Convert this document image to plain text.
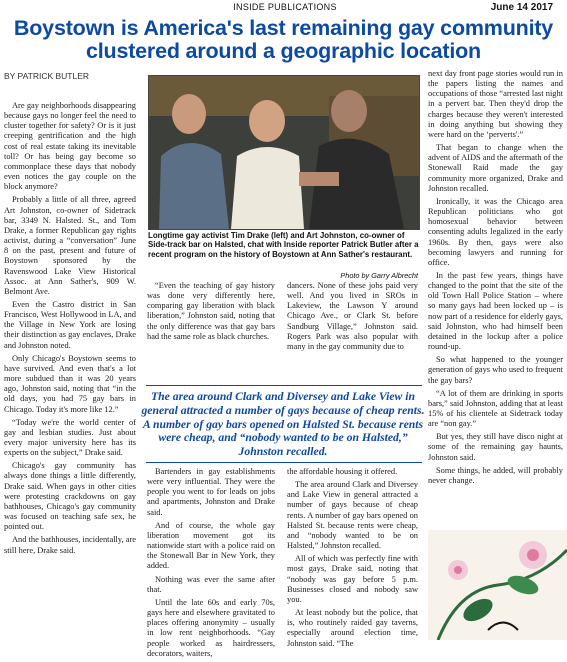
INSIDE PUBLICATIONS	June 14 2017
Boystown is America's last remaining gay community clustered around a geographic location
BY PATRICK BUTLER

Are gay neighborhoods disappearing because gays no longer feel the need to cluster together for safety? Or is it just creeping gentrification and the high cost of real estate taking its inevitable toll? Or has being gay become so commonplace these days that nobody even notices the gay couple on the block anymore?

Probably a little of all three, agreed Art Johnston, co-owner of Sidetrack bar, 3349 N. Halsted. St., and Tom Drake, a former Republican gay rights activist, during a “conversation” June 8 on the past, present and future of Boystown sponsored by the Ravenswood Lake View Historical Assoc. at Ann Sather's, 909 W. Belmont Ave.

Even the Castro district in San Francisco, West Hollywood in LA, and the Village in New York are losing their distinction as gay enclaves, Drake and Johnston noted.

Only Chicago's Boystown seems to have survived. And even that's a lot more subdued than it was 20 years ago, Johnston said, noting that “in the old days, you had 75 gay bars in Chicago. Today it's more like 12.”

“Today we're the world center of gay and lesbian studies. Just about every major university here has its experts on the subject,” Drake said.

Chicago's gay community has always done things a little differently, Drake said. When gays in other cities were protesting crackdowns on gay bathhouses, Chicago's gay community was focused on teaching safe sex, he pointed out.

And the bathhouses, incidentally, are still here, Drake said.

Longtime gay activist Tim Drake (left) and Art Johnston, co-owner of Side-track bar on Halsted, chat with Inside reporter Patrick Butler after a recent program on the history of Boystown at Ann Sather's restaurant.
Photo by Garry Albrecht

“Even the teaching of gay history was done very differently here, comparing gay liberation with black liberation,” Johnston said, noting that the only difference was that gay bars had the same role as black churches.

dancers. None of these jobs paid very well. And you lived in SROs in Lakeview, the Lawson Y around Chicago Ave., or Clark St. before Sandburg Village,” Johnston said. Rogers Park was also popular with many in the gay community due to

The area around Clark and Diversey and Lake View in general attracted a number of gays because of cheap rents. A number of gay bars opened on Halsted St. because rents were cheap, and “nobody wanted to be on Halsted,” Johnston recalled.

Bartenders in gay establishments were very influential. They were the people you went to for leads on jobs and apartments, Johnston and Drake said.

And of course, the whole gay liberation movement got its nationwide start with a police raid on the Stonewall Bar in New York, they added.

Nothing was ever the same after that.

Until the late 60s and early 70s, gays here and elsewhere gravitated to places offering anonymity – usually in low rent neighborhoods. “Gay people worked as hairdressers, decorators, waiters,

the affordable housing it offered.

The area around Clark and Diversey and Lake View in general attracted a number of gays because of cheap rents. A number of gay bars opened on Halsted St. because rents were cheap, and “nobody wanted to be on Halsted,” Johnston recalled.

All of which was perfectly fine with most gays, Drake said, noting that “nobody was gay before 5 p.m. Businesses closed and nobody saw you.

At least nobody but the police, that is, who routinely raided gay taverns, especially around election time, Johnston said. “The

next day front page stories would run in the papers listing the names and occupations of those “arrested last night in a pervert bar. Then they'd drop the charges because they weren't interested in doing anything but showing they were hard on the ‘perverts'.”

That began to change when the advent of AIDS and the aftermath of the Stonewall Raid made the gay community more organized, Drake and Johnston recalled.

Ironically, it was the Chicago area Republican politicians who got homosexual behavior between consenting adults legalized in the early 1960s. By then, gays were also becoming lawyers and running for office.

In the past few years, things have changed to the point that the site of the old Town Hall Police Station – where so many gays had been locked up – is now part of a residence for elderly gays, said Johnston, who had himself been detained in the lockup after a police round-up.

So what happened to the younger generation of gays who used to frequent the gay bars?

“A lot of them are drinking in sports bars,” said Johnston, adding that at least 15% of his clientele at Sidetrack today are “non gay.”

But yes, they still have disco night at some of the remaining gay haunts, Johnston said.

Some things, he added, will probably never change.
